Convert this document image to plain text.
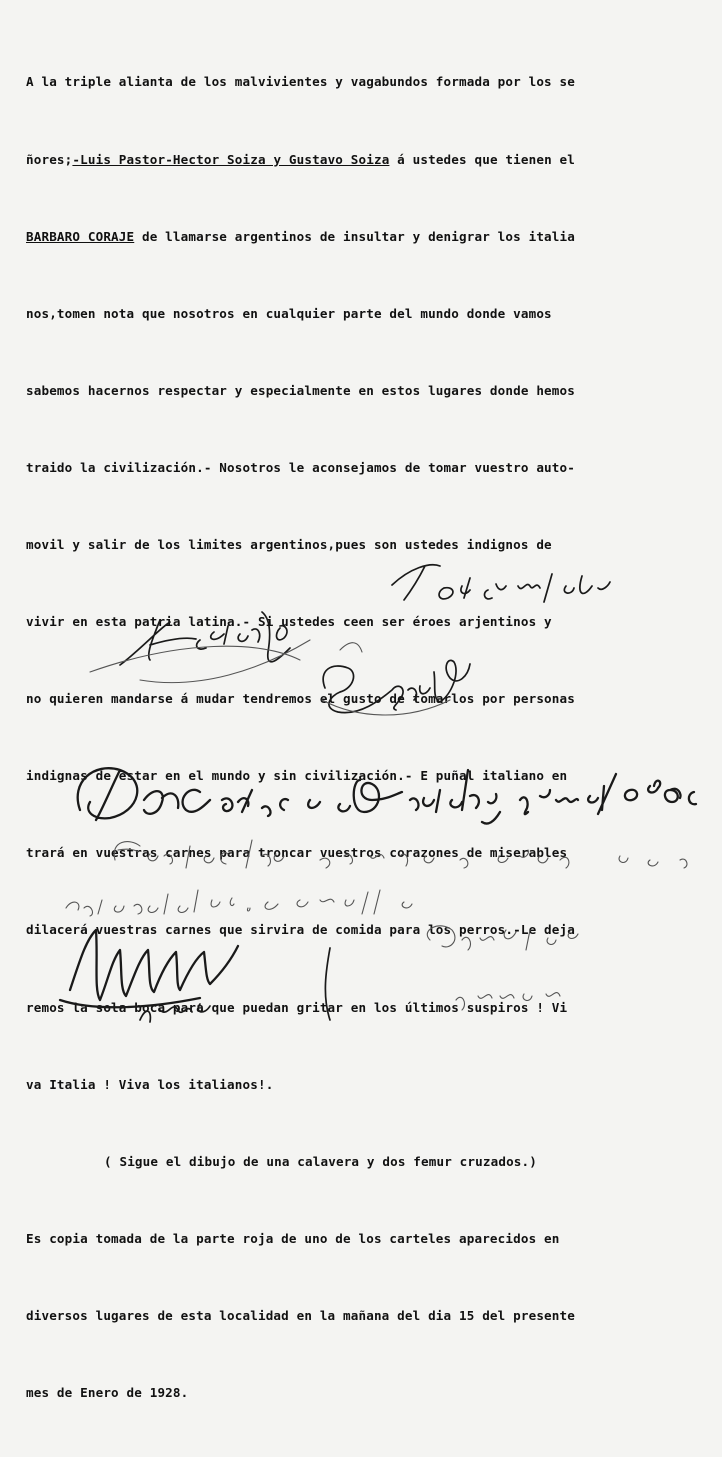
A la triple alianta de los malvivientes y vagabundos formada por los se

ñores;-Luis Pastor-Hector Soiza y Gustavo Soiza á ustedes que tienen el

BARBARO CORAJE de llamarse argentinos de insultar y denigrar los italia

nos,tomen nota que nosotros en cualquier parte del mundo donde vamos

sabemos hacernos respectar y especialmente en estos lugares donde hemos

traido la civilización.- Nosotros le aconsejamos de tomar vuestro auto-

movil y salir de los limites argentinos,pues son ustedes indignos de

vivir en esta patria latina.- Si ustedes ceen ser éroes arjentinos y

no quieren mandarse á mudar tendremos el gusto de tomarlos por personas

indignas de estar en el mundo y sin civilización.- E puñal italiano en

trará en vuestras carnes para troncar vuestros corazones de miserables

dilacerá vuestras carnes que sirvira de comida para los perros.-Le deja

remos la sola boca para que puedan gritar en los últimos suspiros ! Vi

va Italia ! Viva los italianos!.

( Sigue el dibujo de una calavera y dos femur cruzados.)

Es copia tomada de la parte roja de uno de los carteles aparecidos en

diversos lugares de esta localidad en la mañana del dia 15 del presente

mes de Enero de 1928.
